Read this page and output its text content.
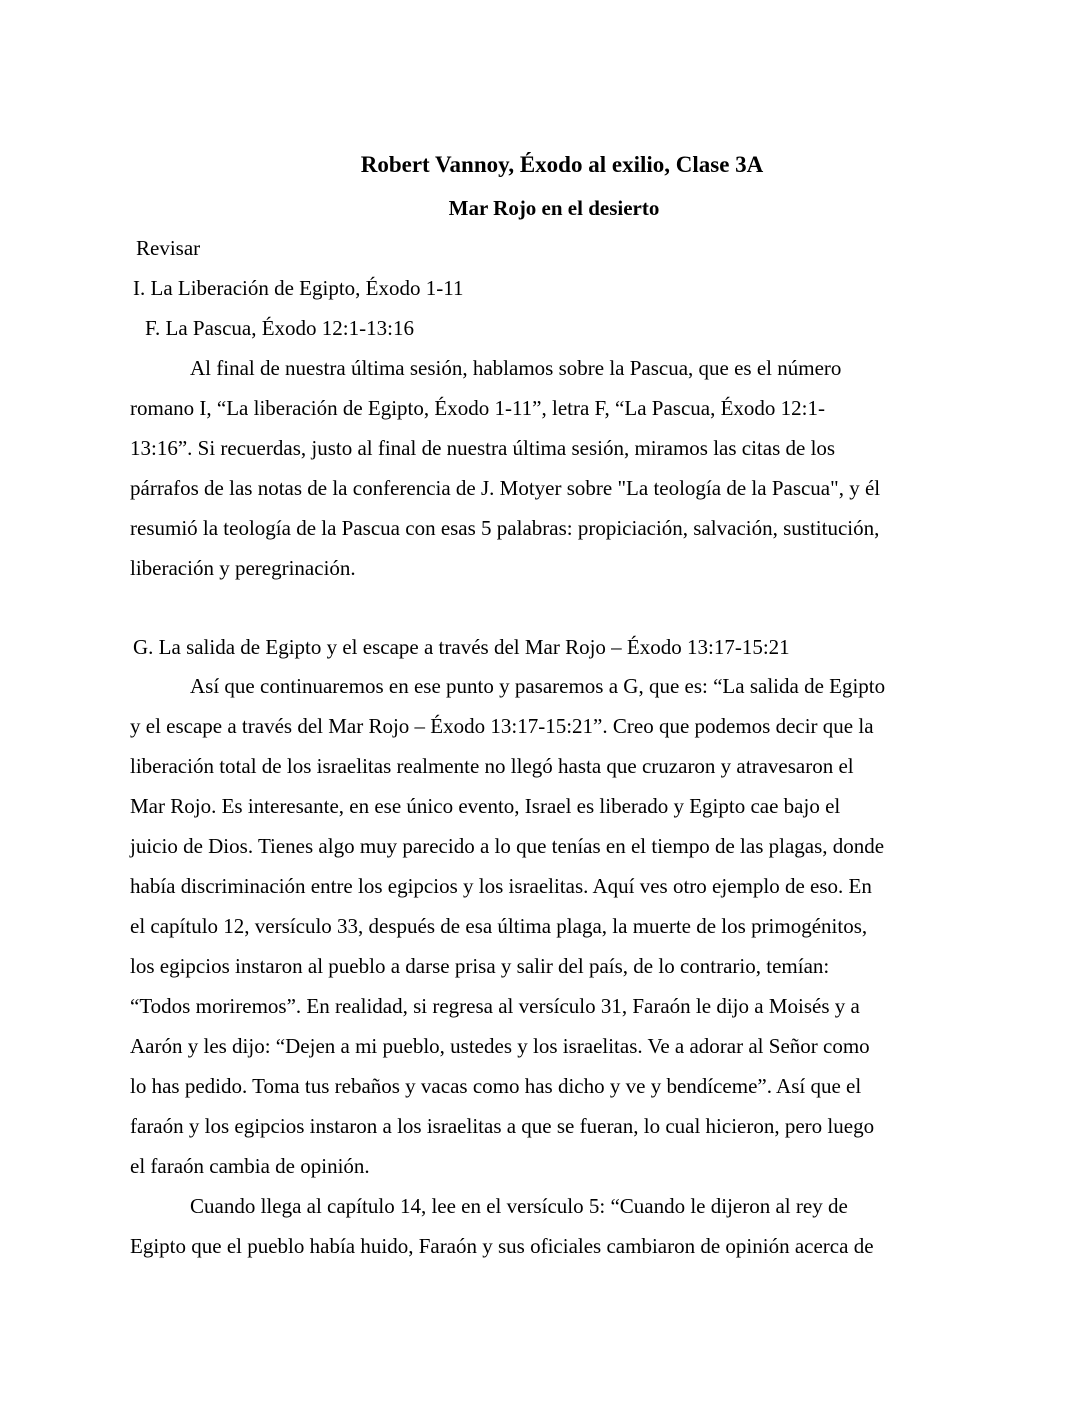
Robert Vannoy, Éxodo al exilio, Clase 3A
Mar Rojo en el desierto

Revisar

I. La Liberación de Egipto, Éxodo 1-11

F. La Pascua, Éxodo 12:1-13:16

Al final de nuestra última sesión, hablamos sobre la Pascua, que es el número
romano I, “La liberación de Egipto, Éxodo 1-11”, letra F, “La Pascua, Éxodo 12:1-
13:16”. Si recuerdas, justo al final de nuestra última sesión, miramos las citas de los
párrafos de las notas de la conferencia de J. Motyer sobre "La teología de la Pascua", y él
resumió la teología de la Pascua con esas 5 palabras: propiciación, salvación, sustitución,
liberación y peregrinación.

G. La salida de Egipto y el escape a través del Mar Rojo – Éxodo 13:17-15:21

Así que continuaremos en ese punto y pasaremos a G, que es: “La salida de Egipto
y el escape a través del Mar Rojo – Éxodo 13:17-15:21”. Creo que podemos decir que la
liberación total de los israelitas realmente no llegó hasta que cruzaron y atravesaron el
Mar Rojo. Es interesante, en ese único evento, Israel es liberado y Egipto cae bajo el
juicio de Dios. Tienes algo muy parecido a lo que tenías en el tiempo de las plagas, donde
había discriminación entre los egipcios y los israelitas. Aquí ves otro ejemplo de eso. En
el capítulo 12, versículo 33, después de esa última plaga, la muerte de los primogénitos,
los egipcios instaron al pueblo a darse prisa y salir del país, de lo contrario, temían:
“Todos moriremos”. En realidad, si regresa al versículo 31, Faraón le dijo a Moisés y a
Aarón y les dijo: “Dejen a mi pueblo, ustedes y los israelitas. Ve a adorar al Señor como
lo has pedido. Toma tus rebaños y vacas como has dicho y ve y bendíceme”. Así que el
faraón y los egipcios instaron a los israelitas a que se fueran, lo cual hicieron, pero luego
el faraón cambia de opinión.
Cuando llega al capítulo 14, lee en el versículo 5: “Cuando le dijeron al rey de
Egipto que el pueblo había huido, Faraón y sus oficiales cambiaron de opinión acerca de
